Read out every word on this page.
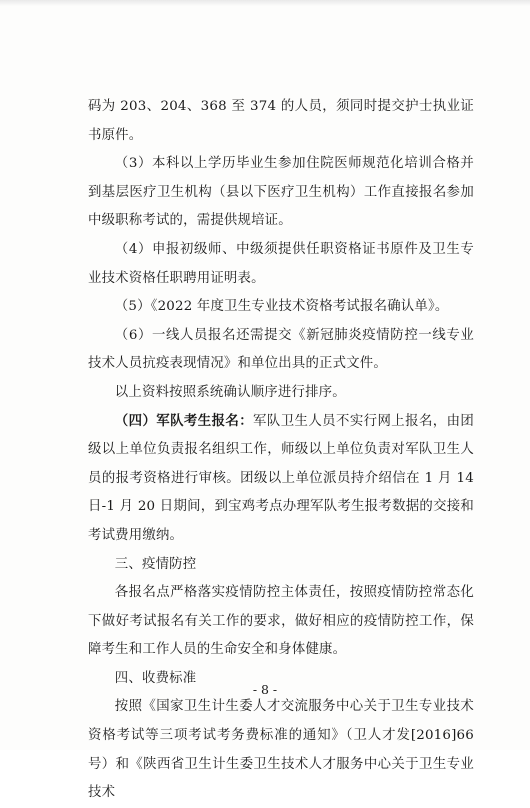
码为 203、204、368 至 374 的人员，须同时提交护士执业证书原件。

（3）本科以上学历毕业生参加住院医师规范化培训合格并到基层医疗卫生机构（县以下医疗卫生机构）工作直接报名参加中级职称考试的，需提供规培证。

（4）申报初级师、中级须提供任职资格证书原件及卫生专业技术资格任职聘用证明表。

（5）《2022 年度卫生专业技术资格考试报名确认单》。

（6）一线人员报名还需提交《新冠肺炎疫情防控一线专业技术人员抗疫表现情况》和单位出具的正式文件。

以上资料按照系统确认顺序进行排序。

（四）军队考生报名：军队卫生人员不实行网上报名，由团级以上单位负责报名组织工作，师级以上单位负责对军队卫生人员的报考资格进行审核。团级以上单位派员持介绍信在 1 月 14 日-1 月 20 日期间，到宝鸡考点办理军队考生报考数据的交接和考试费用缴纳。

三、疫情防控

各报名点严格落实疫情防控主体责任，按照疫情防控常态化下做好考试报名有关工作的要求，做好相应的疫情防控工作，保障考生和工作人员的生命安全和身体健康。

四、收费标准

按照《国家卫生计生委人才交流服务中心关于卫生专业技术资格考试等三项考试考务费标准的通知》（卫人才发[2016]66 号）和《陕西省卫生计生委卫生技术人才服务中心关于卫生专业技术

- 8 -
